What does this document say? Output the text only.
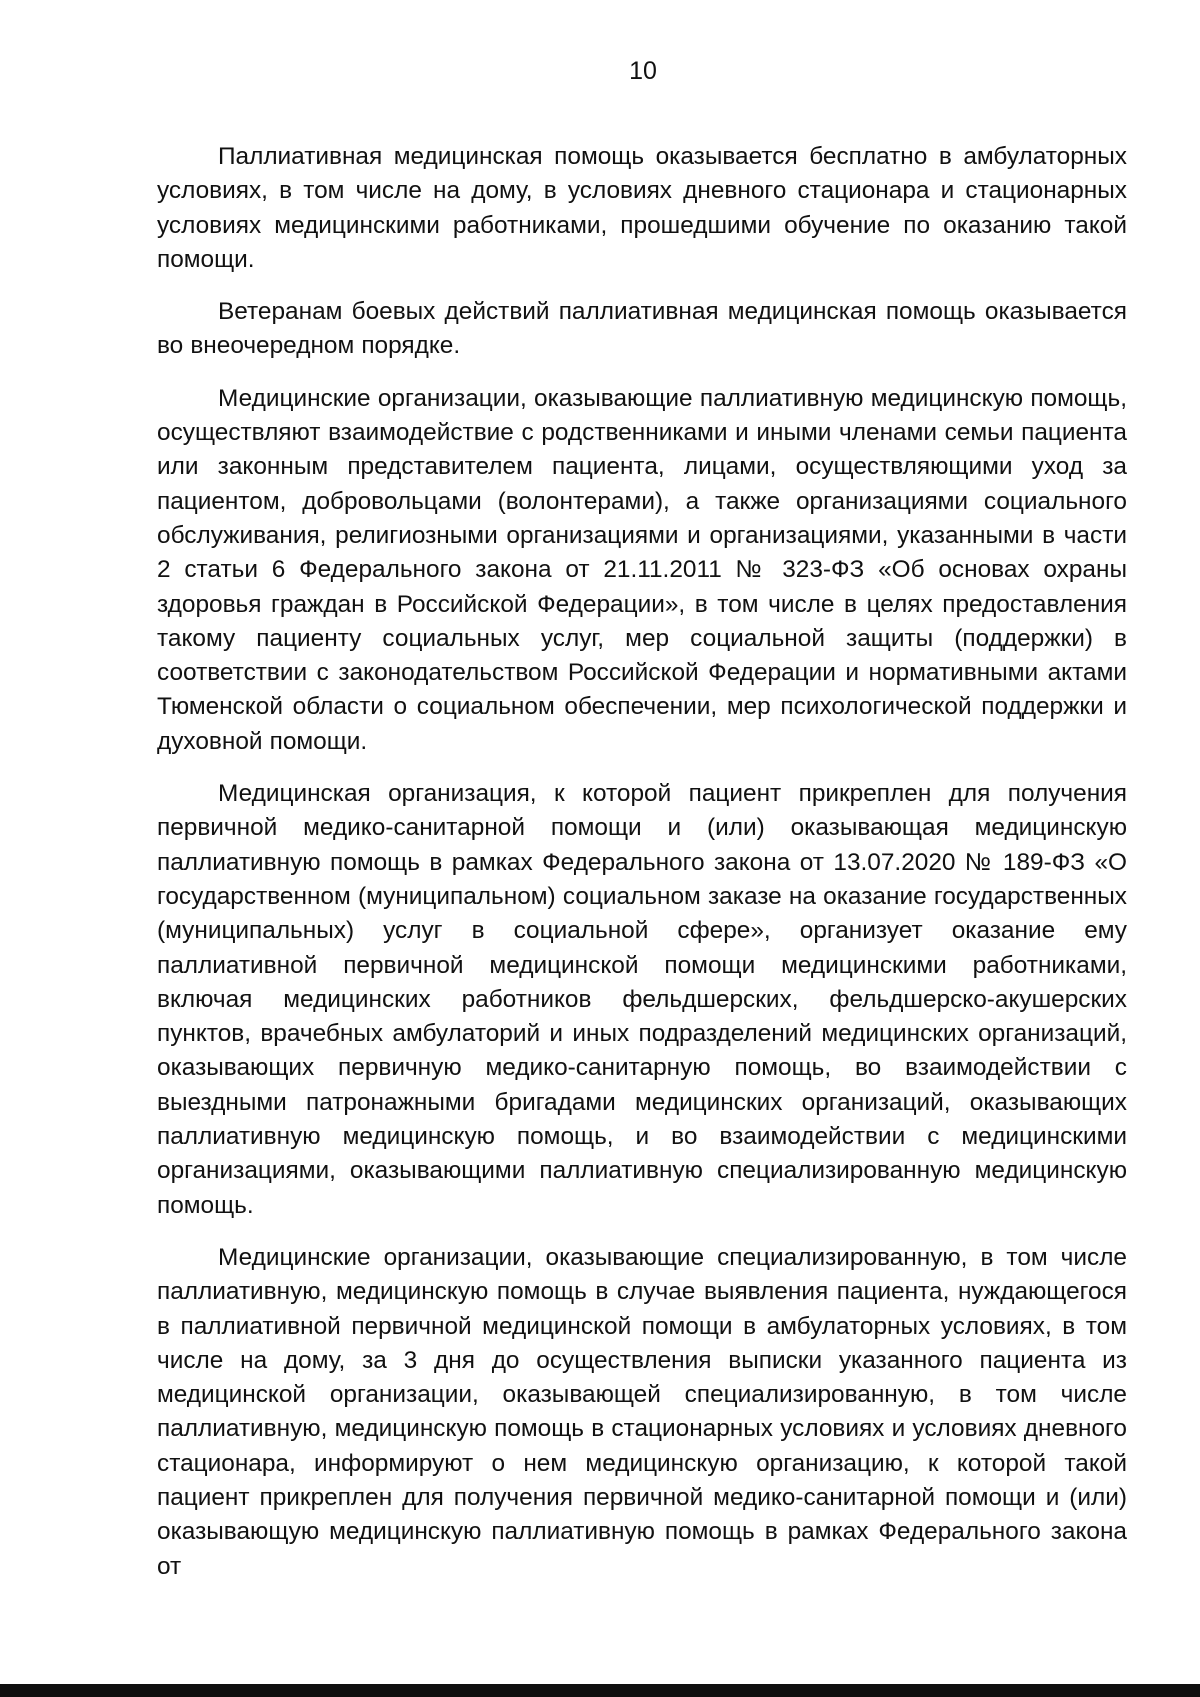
10

Паллиативная медицинская помощь оказывается бесплатно в амбулаторных условиях, в том числе на дому, в условиях дневного стационара и стационарных условиях медицинскими работниками, прошедшими обучение по оказанию такой помощи.

Ветеранам боевых действий паллиативная медицинская помощь оказывается во внеочередном порядке.

Медицинские организации, оказывающие паллиативную медицинскую помощь, осуществляют взаимодействие с родственниками и иными членами семьи пациента или законным представителем пациента, лицами, осуществляющими уход за пациентом, добровольцами (волонтерами), а также организациями социального обслуживания, религиозными организациями и организациями, указанными в части 2 статьи 6 Федерального закона от 21.11.2011 № 323-ФЗ «Об основах охраны здоровья граждан в Российской Федерации», в том числе в целях предоставления такому пациенту социальных услуг, мер социальной защиты (поддержки) в соответствии с законодательством Российской Федерации и нормативными актами Тюменской области о социальном обеспечении, мер психологической поддержки и духовной помощи.

Медицинская организация, к которой пациент прикреплен для получения первичной медико-санитарной помощи и (или) оказывающая медицинскую паллиативную помощь в рамках Федерального закона от 13.07.2020 № 189-ФЗ «О государственном (муниципальном) социальном заказе на оказание государственных (муниципальных) услуг в социальной сфере», организует оказание ему паллиативной первичной медицинской помощи медицинскими работниками, включая медицинских работников фельдшерских, фельдшерско-акушерских пунктов, врачебных амбулаторий и иных подразделений медицинских организаций, оказывающих первичную медико-санитарную помощь, во взаимодействии с выездными патронажными бригадами медицинских организаций, оказывающих паллиативную медицинскую помощь, и во взаимодействии с медицинскими организациями, оказывающими паллиативную специализированную медицинскую помощь.

Медицинские организации, оказывающие специализированную, в том числе паллиативную, медицинскую помощь в случае выявления пациента, нуждающегося в паллиативной первичной медицинской помощи в амбулаторных условиях, в том числе на дому, за 3 дня до осуществления выписки указанного пациента из медицинской организации, оказывающей специализированную, в том числе паллиативную, медицинскую помощь в стационарных условиях и условиях дневного стационара, информируют о нем медицинскую организацию, к которой такой пациент прикреплен для получения первичной медико-санитарной помощи и (или) оказывающую медицинскую паллиативную помощь в рамках Федерального закона от
